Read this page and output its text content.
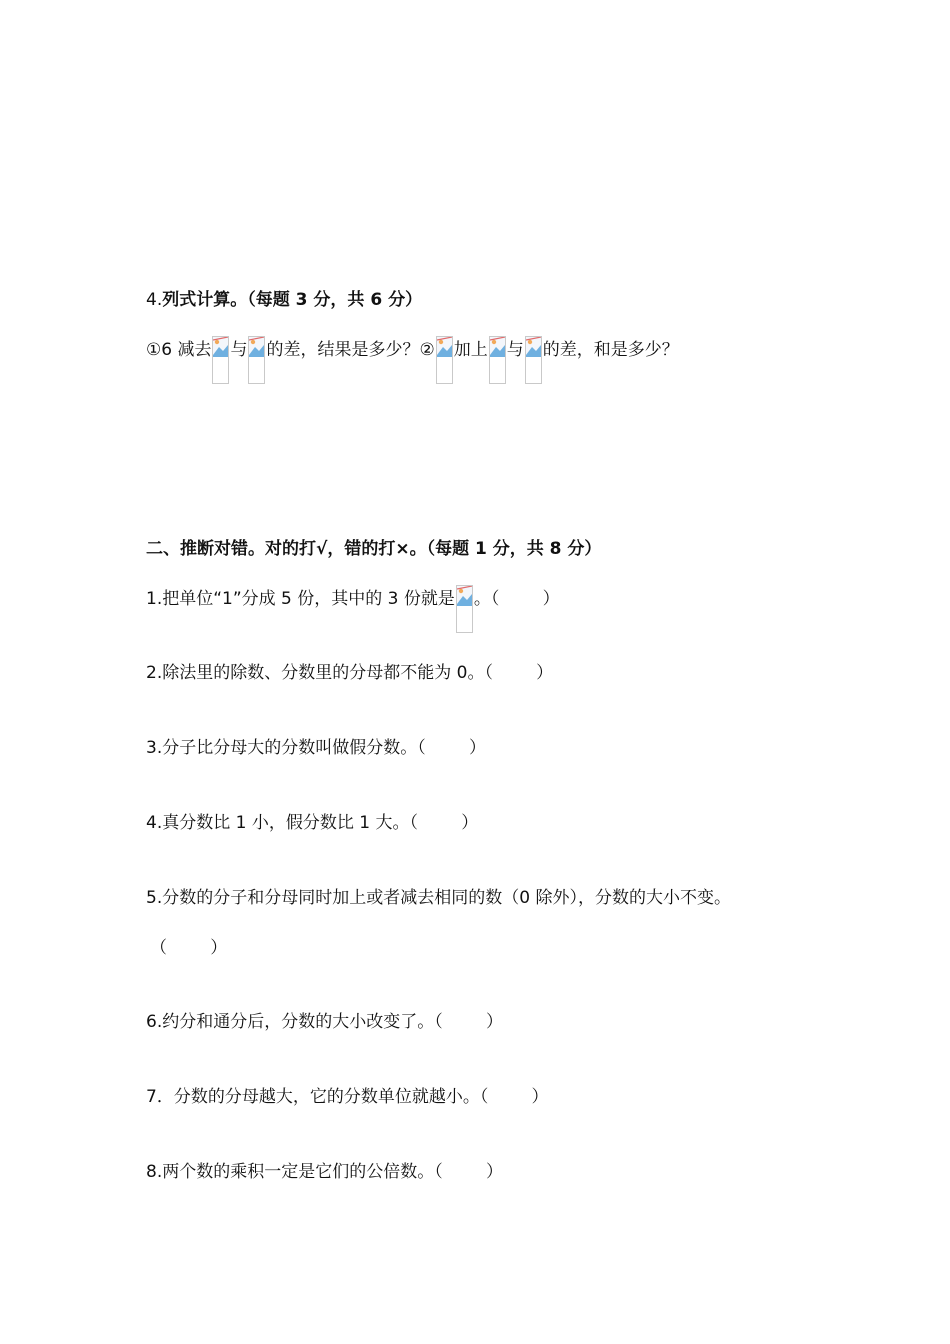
4. 列式计算。（每题 3 分，共 6 分）
①6 减去 与 的差，结果是多少？② 加上 与 的差，和是多少？
二、推断对错。对的打√，错的打×。（每题 1 分，共 8 分）
1.把单位“1”分成 5 份，其中的 3 份就是 。（        ）
2.除法里的除数、分数里的分母都不能为 0。（        ）
3.分子比分母大的分数叫做假分数。（        ）
4.真分数比 1 小，假分数比 1 大。（        ）
5.分数的分子和分母同时加上或者减去相同的数（0 除外），分数的大小不变。
（        ）
6.约分和通分后，分数的大小改变了。（        ）
7．分数的分母越大，它的分数单位就越小。（        ）
8.两个数的乘积一定是它们的公倍数。（        ）
